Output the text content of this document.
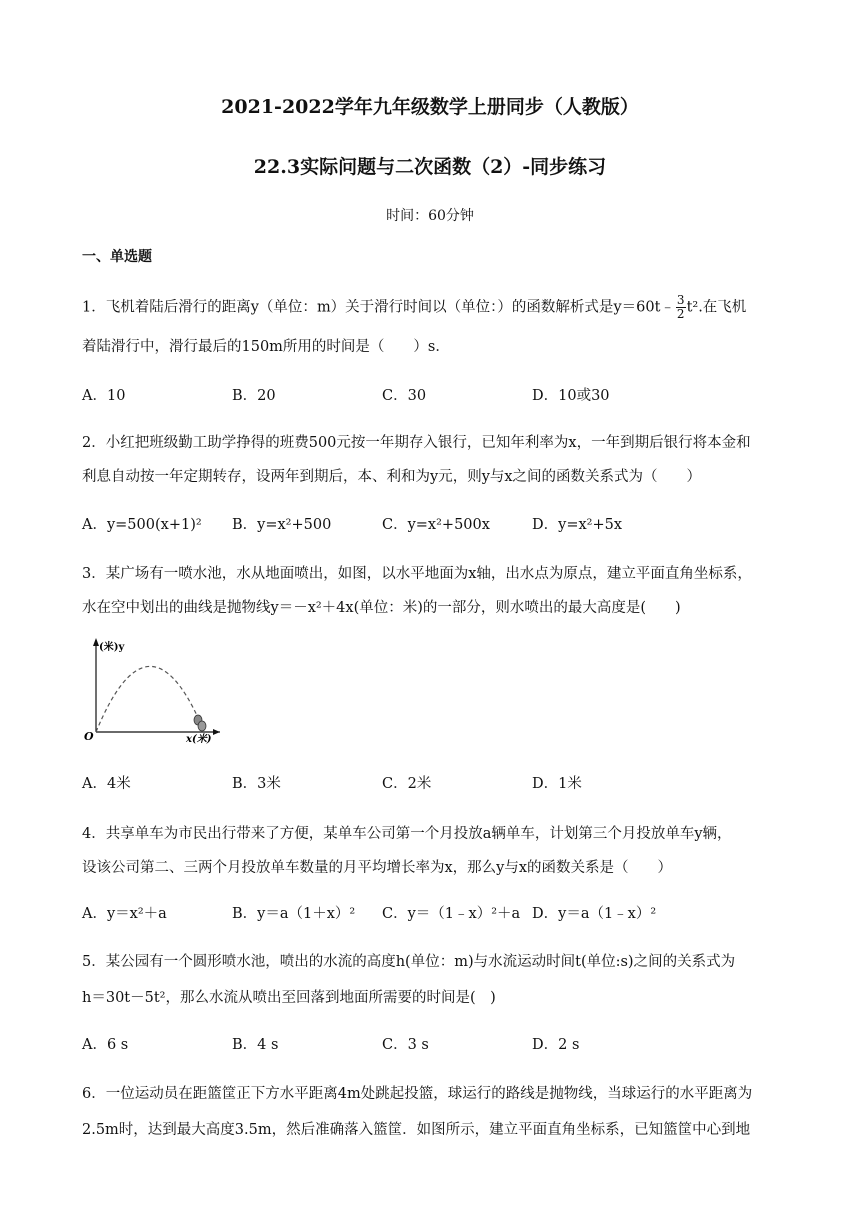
2021-2022学年九年级数学上册同步（人教版）
22.3实际问题与二次函数（2）-同步练习
时间：60分钟
一、单选题
1．飞机着陆后滑行的距离y（单位：m）关于滑行时间以（单位：）的函数解析式是y＝60t﹣ $\frac{3}{2} t^2$.在飞机
着陆滑行中，滑行最后的150m所用的时间是（　　）s．
A．10	B．20	C．30	D．10或30
2．小红把班级勤工助学挣得的班费500元按一年期存入银行，已知年利率为x，一年到期后银行将本金和
利息自动按一年定期转存，设两年到期后，本、利和为y元，则y与x之间的函数关系式为（　　）
A．y=500(x+1)²	B．y=x²+500	C．y=x²+500x	D．y=x²+5x
3．某广场有一喷水池，水从地面喷出，如图，以水平地面为x轴，出水点为原点，建立平面直角坐标系，
水在空中划出的曲线是抛物线y＝－x²＋4x(单位：米)的一部分，则水喷出的最大高度是(　　)
(米)y
x(米)
O
A．4米	B．3米	C．2米	D．1米
4．共享单车为市民出行带来了方便，某单车公司第一个月投放a辆单车，计划第三个月投放单车y辆，
设该公司第二、三两个月投放单车数量的月平均增长率为x，那么y与x的函数关系是（　　）
A．y＝x²＋a	B．y＝a（1＋x）²	C．y＝（1﹣x）²＋a D．y＝a（1﹣x）²
5．某公园有一个圆形喷水池，喷出的水流的高度h(单位：m)与水流运动时间t(单位:s)之间的关系式为
h＝30t－5t²，那么水流从喷出至回落到地面所需要的时间是(　)
A．6 s	B．4 s	C．3 s	D．2 s
6．一位运动员在距篮筐正下方水平距离4m处跳起投篮，球运行的路线是抛物线，当球运行的水平距离为
2.5m时，达到最大高度3.5m，然后准确落入篮筐．如图所示，建立平面直角坐标系，已知篮筐中心到地
